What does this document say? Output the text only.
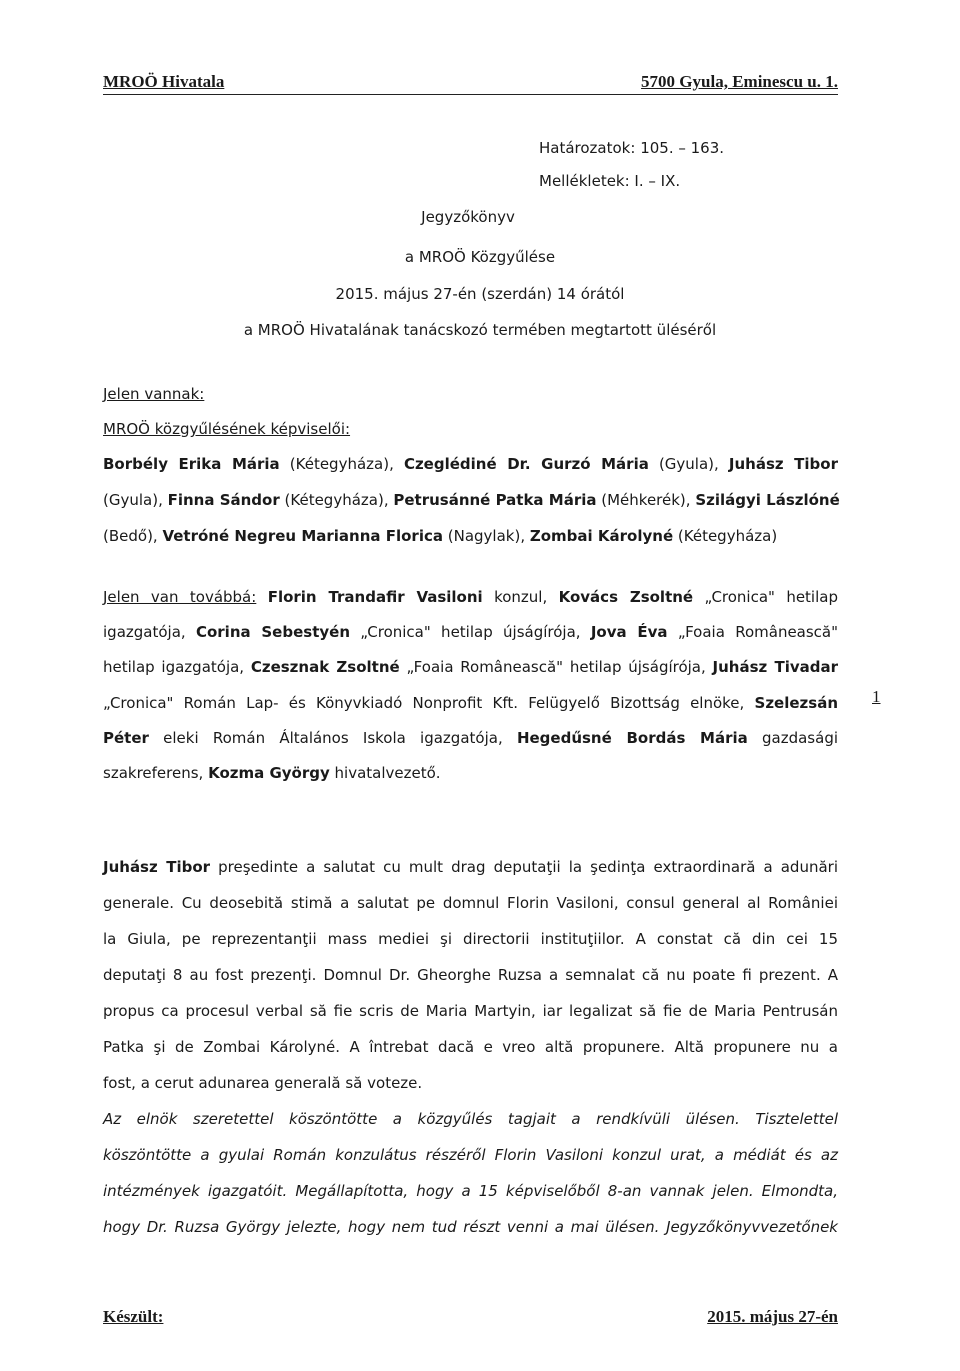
MROÖ Hivatala	5700 Gyula, Eminescu u. 1.
Határozatok: 105. – 163.
Mellékletek: I. – IX.
Jegyzőkönyv
a MROÖ Közgyűlése
2015. május 27-én (szerdán) 14 órától
a MROÖ Hivatalának tanácskozó termében megtartott üléséről
Jelen vannak:
MROÖ közgyűlésének képviselői:
Borbély Erika Mária (Kétegyháza), Czeglédiné Dr. Gurzó Mária (Gyula), Juhász Tibor
(Gyula), Finna Sándor (Kétegyháza), Petrusánné Patka Mária (Méhkerék), Szilágyi Lászlóné
(Bedő), Vetróné Negreu Marianna Florica (Nagylak), Zombai Károlyné (Kétegyháza)
Jelen van továbbá: Florin Trandafir Vasiloni konzul, Kovács Zsoltné „Cronica" hetilap
igazgatója, Corina Sebestyén „Cronica" hetilap újságírója, Jova Éva „Foaia Românească"
hetilap igazgatója, Czesznak Zsoltné „Foaia Românească" hetilap újságírója, Juhász Tivadar
„Cronica" Román Lap- és Könyvkiadó Nonprofit Kft. Felügyelő Bizottság elnöke, Szelezsán
Péter eleki Román Általános Iskola igazgatója, Hegedűsné Bordás Mária gazdasági
szakreferens, Kozma György hivatalvezető.
1
Juhász Tibor preşedinte a salutat cu mult drag deputaţii la şedinţa extraordinară a adunări
generale. Cu deosebită stimă a salutat pe domnul Florin Vasiloni, consul general al României
la Giula, pe reprezentanţii mass mediei şi directorii instituţiilor. A constat că din cei 15
deputaţi 8 au fost prezenţi. Domnul Dr. Gheorghe Ruzsa a semnalat că nu poate fi prezent. A
propus ca procesul verbal să fie scris de Maria Martyin, iar legalizat să fie de Maria Pentrusán
Patka şi de Zombai Károlyné. A întrebat dacă e vreo altă propunere. Altă propunere nu a
fost, a cerut adunarea generală să voteze.
Az elnök szeretettel köszöntötte a közgyűlés tagjait a rendkívüli ülésen. Tisztelettel
köszöntötte a gyulai Román konzulátus részéről Florin Vasiloni konzul urat, a médiát és az
intézmények igazgatóit. Megállapította, hogy a 15 képviselőből 8-an vannak jelen. Elmondta,
hogy Dr. Ruzsa György jelezte, hogy nem tud részt venni a mai ülésen. Jegyzőkönyvvezetőnek
Készült:	2015. május 27-én
